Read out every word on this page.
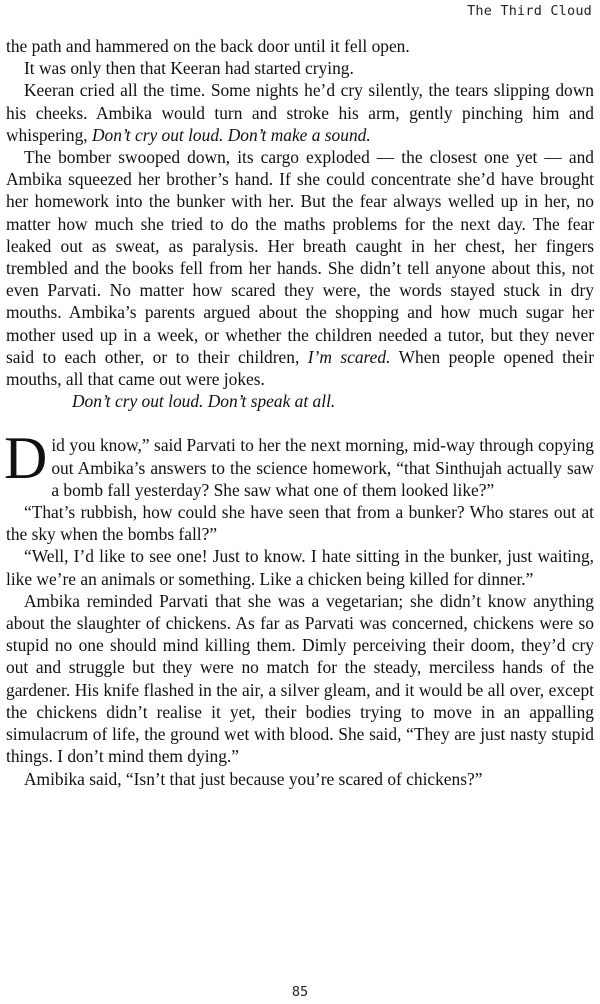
The Third Cloud

the path and hammered on the back door until it fell open.

It was only then that Keeran had started crying.

Keeran cried all the time. Some nights he’d cry silently, the tears slipping down his cheeks. Ambika would turn and stroke his arm, gently pinching him and whispering, Don’t cry out loud. Don’t make a sound.

The bomber swooped down, its cargo exploded — the closest one yet — and Ambika squeezed her brother’s hand. If she could concentrate she’d have brought her homework into the bunker with her. But the fear always welled up in her, no matter how much she tried to do the maths problems for the next day. The fear leaked out as sweat, as paralysis. Her breath caught in her chest, her fingers trembled and the books fell from her hands. She didn’t tell anyone about this, not even Parvati. No matter how scared they were, the words stayed stuck in dry mouths. Ambika’s parents argued about the shopping and how much sugar her mother used up in a week, or whether the children needed a tutor, but they never said to each other, or to their children, I’m scared. When people opened their mouths, all that came out were jokes.

Don’t cry out loud. Don’t speak at all.

Did you know,” said Parvati to her the next morning, mid-way through copying out Ambika’s answers to the science homework, “that Sinthujah actually saw a bomb fall yesterday? She saw what one of them looked like?”

“That’s rubbish, how could she have seen that from a bunker? Who stares out at the sky when the bombs fall?”

“Well, I’d like to see one! Just to know. I hate sitting in the bunker, just waiting, like we’re an animals or something. Like a chicken being killed for dinner.”

Ambika reminded Parvati that she was a vegetarian; she didn’t know anything about the slaughter of chickens. As far as Parvati was concerned, chickens were so stupid no one should mind killing them. Dimly perceiving their doom, they’d cry out and struggle but they were no match for the steady, merciless hands of the gardener. His knife flashed in the air, a silver gleam, and it would be all over, except the chickens didn’t realise it yet, their bodies trying to move in an appalling simulacrum of life, the ground wet with blood. She said, “They are just nasty stupid things. I don’t mind them dying.”

Amibika said, “Isn’t that just because you’re scared of chickens?”

85
